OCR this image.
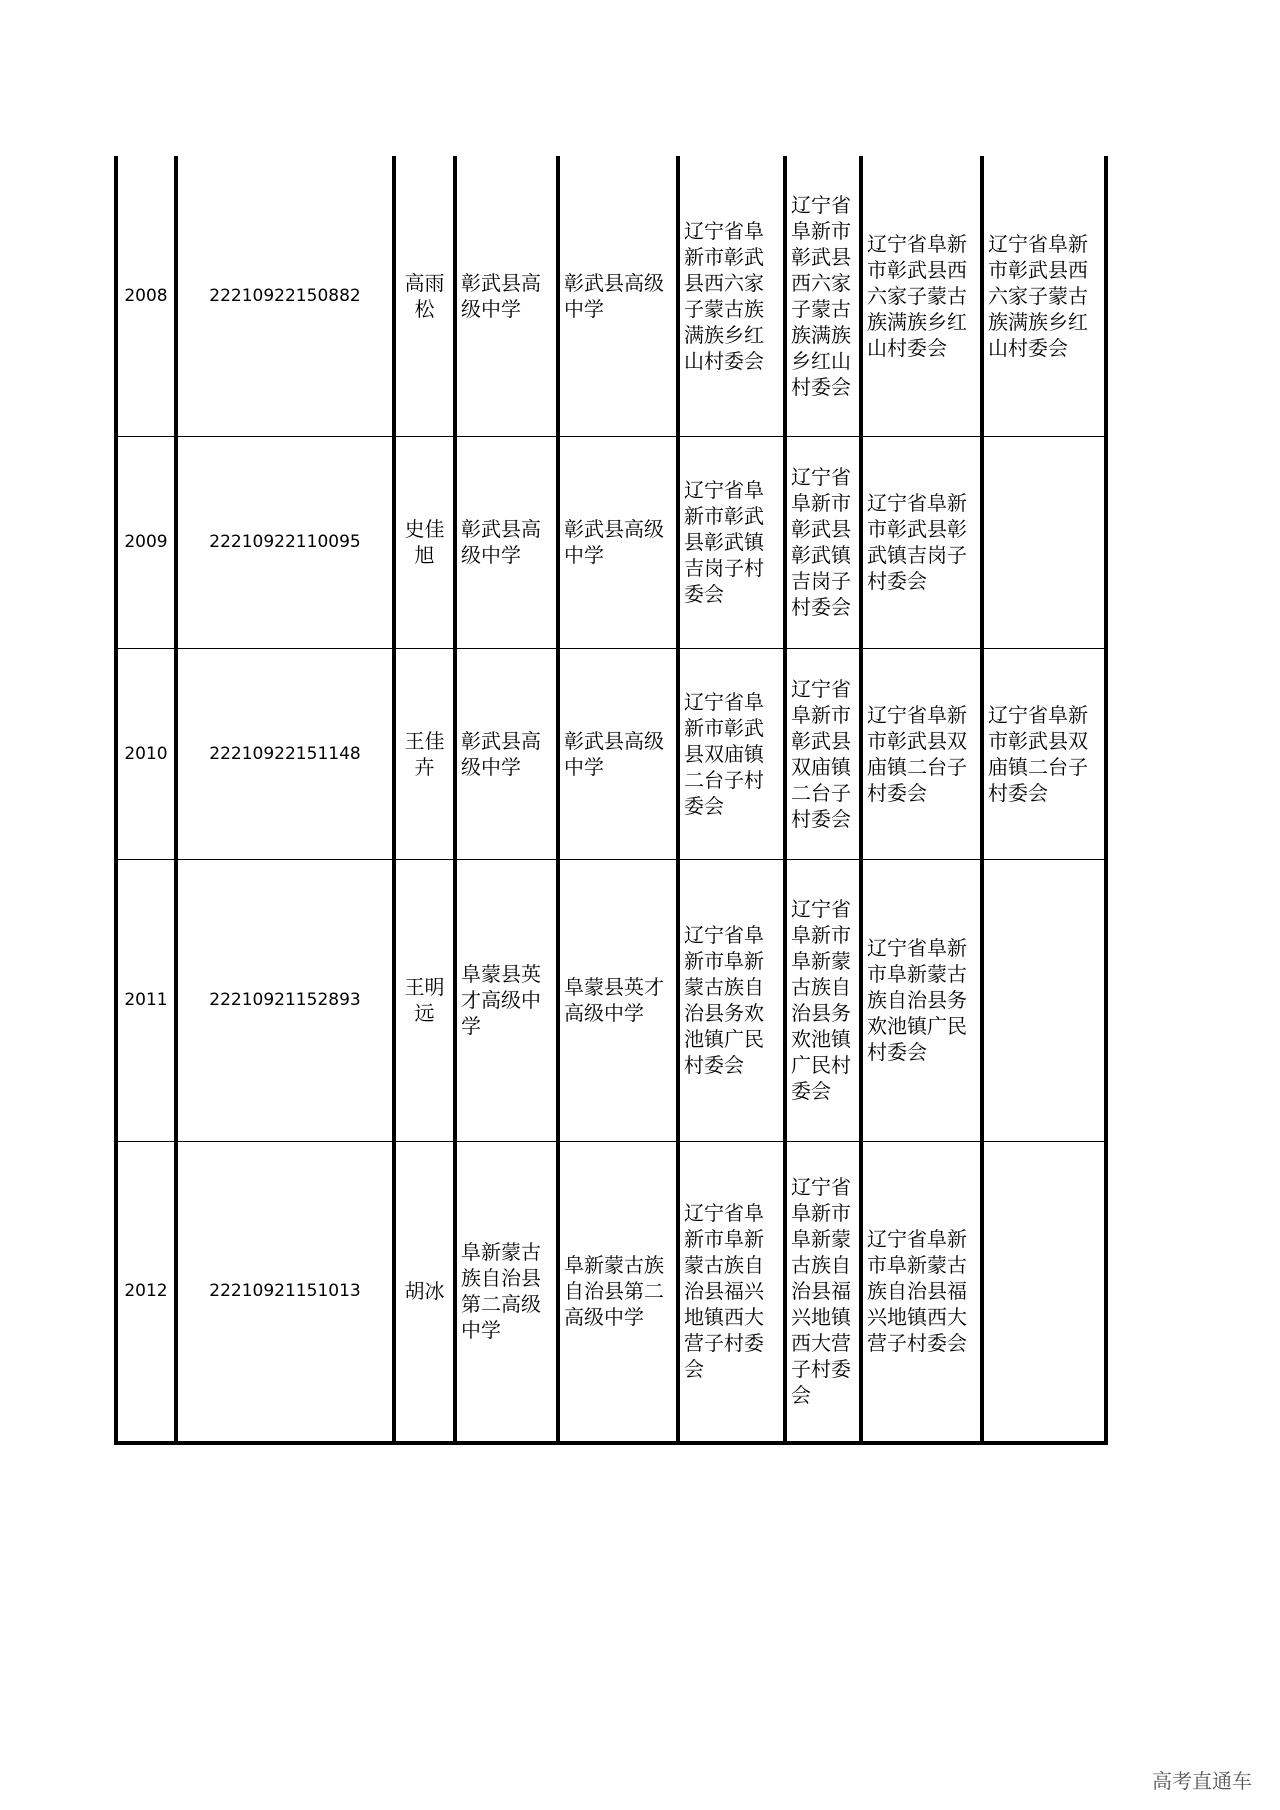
2008	22210922150882	高雨松	彰武县高级中学	彰武县高级中学	辽宁省阜新市彰武县西六家子蒙古族满族乡红山村委会	辽宁省阜新市彰武县西六家子蒙古族满族乡红山村委会	辽宁省阜新市彰武县西六家子蒙古族满族乡红山村委会	辽宁省阜新市彰武县西六家子蒙古族满族乡红山村委会
2009	22210922110095	史佳旭	彰武县高级中学	彰武县高级中学	辽宁省阜新市彰武县彰武镇吉岗子村委会	辽宁省阜新市彰武县彰武镇吉岗子村委会	辽宁省阜新市彰武县彰武镇吉岗子村委会	
2010	22210922151148	王佳卉	彰武县高级中学	彰武县高级中学	辽宁省阜新市彰武县双庙镇二台子村委会	辽宁省阜新市彰武县双庙镇二台子村委会	辽宁省阜新市彰武县双庙镇二台子村委会	辽宁省阜新市彰武县双庙镇二台子村委会
2011	22210921152893	王明远	阜蒙县英才高级中学	阜蒙县英才高级中学	辽宁省阜新市阜新蒙古族自治县务欢池镇广民村委会	辽宁省阜新市阜新蒙古族自治县务欢池镇广民村委会	辽宁省阜新市阜新蒙古族自治县务欢池镇广民村委会	
2012	22210921151013	胡冰	阜新蒙古族自治县第二高级中学	阜新蒙古族自治县第二高级中学	辽宁省阜新市阜新蒙古族自治县福兴地镇西大营子村委会	辽宁省阜新市阜新蒙古族自治县福兴地镇西大营子村委会	辽宁省阜新市阜新蒙古族自治县福兴地镇西大营子村委会	
高考直通车
